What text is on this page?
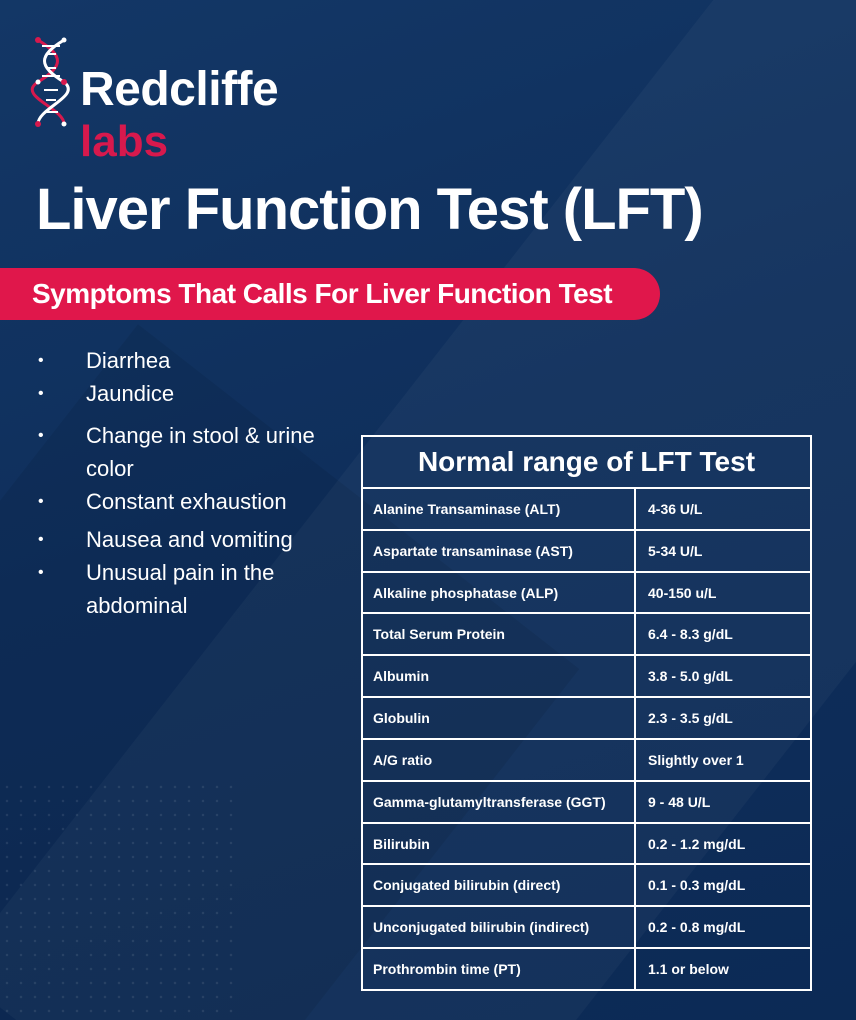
Redcliffe
labs
Liver Function Test (LFT)
Symptoms That Calls For Liver Function Test
• Diarrhea
• Jaundice
• Change in stool & urine color
• Constant exhaustion
• Nausea and vomiting
• Unusual pain in the abdominal
Normal range of LFT Test
Alanine Transaminase (ALT)	4-36 U/L
Aspartate transaminase (AST)	5-34 U/L
Alkaline phosphatase (ALP)	40-150 u/L
Total Serum Protein	6.4 - 8.3 g/dL
Albumin	3.8 - 5.0 g/dL
Globulin	2.3 - 3.5 g/dL
A/G ratio	Slightly over 1
Gamma-glutamyltransferase (GGT)	9 - 48 U/L
Bilirubin	0.2 - 1.2 mg/dL
Conjugated bilirubin (direct)	0.1 - 0.3 mg/dL
Unconjugated bilirubin (indirect)	0.2 - 0.8 mg/dL
Prothrombin time (PT)	1.1 or below
